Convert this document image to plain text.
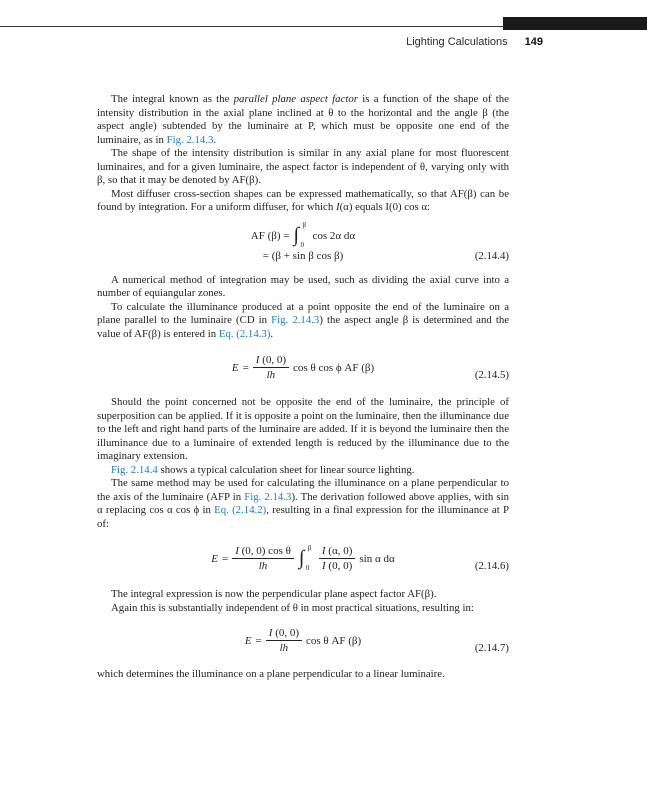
Lighting Calculations 149

The integral known as the parallel plane aspect factor is a function of the shape of the intensity distribution in the axial plane inclined at θ to the horizontal and the angle β (the aspect angle) subtended by the luminaire at P, which must be opposite one end of the luminaire, as in Fig. 2.14.3.

The shape of the intensity distribution is similar in any axial plane for most fluorescent luminaires, and for a given luminaire, the aspect factor is independent of θ, varying only with β, so that it may be denoted by AF(β).

Most diffuser cross-section shapes can be expressed mathematically, so that AF(β) can be found by integration. For a uniform diffuser, for which I(α) equals I(0) cos α:

AF (β) = ∫ β
0
cos 2α dα
= (β + sin β cos β)	(2.14.4)

A numerical method of integration may be used, such as dividing the axial curve into a number of equiangular zones.

To calculate the illuminance produced at a point opposite the end of the luminaire on a plane parallel to the luminaire (CD in Fig. 2.14.3) the aspect angle β is determined and the value of AF(β) is entered in Eq. (2.14.3).

$E = \frac{I (0, 0)}{lh}$ cos θ cos ϕ AF (β)
(2.14.5)

Should the point concerned not be opposite the end of the luminaire, the principle of superposition can be applied. If it is opposite a point on the luminaire, then the illuminance due to the left and right hand parts of the luminaire are added. If it is beyond the luminaire then the illuminance due to a luminaire of extended length is reduced by the illuminance due to the imaginary extension.

Fig. 2.14.4 shows a typical calculation sheet for linear source lighting.

The same method may be used for calculating the illuminance on a plane perpendicular to the axis of the luminaire (AFP in Fig. 2.14.3). The derivation followed above applies, with sin α replacing cos α cos ϕ in Eq. (2.14.2), resulting in a final expression for the illuminance at P of:

$E = \frac{\text{I (0, 0) cos θ}}{lh}$ ∫ β
$0 \frac{I (\alpha, 0)}{I (0, 0)}$ sin α dα
(2.14.6)

The integral expression is now the perpendicular plane aspect factor AF(β).

Again this is substantially independent of θ in most practical situations, resulting in:

$E = \frac{I (0, 0)}{lh}$ cos θ AF (β)
(2.14.7)

which determines the illuminance on a plane perpendicular to a linear luminaire.
